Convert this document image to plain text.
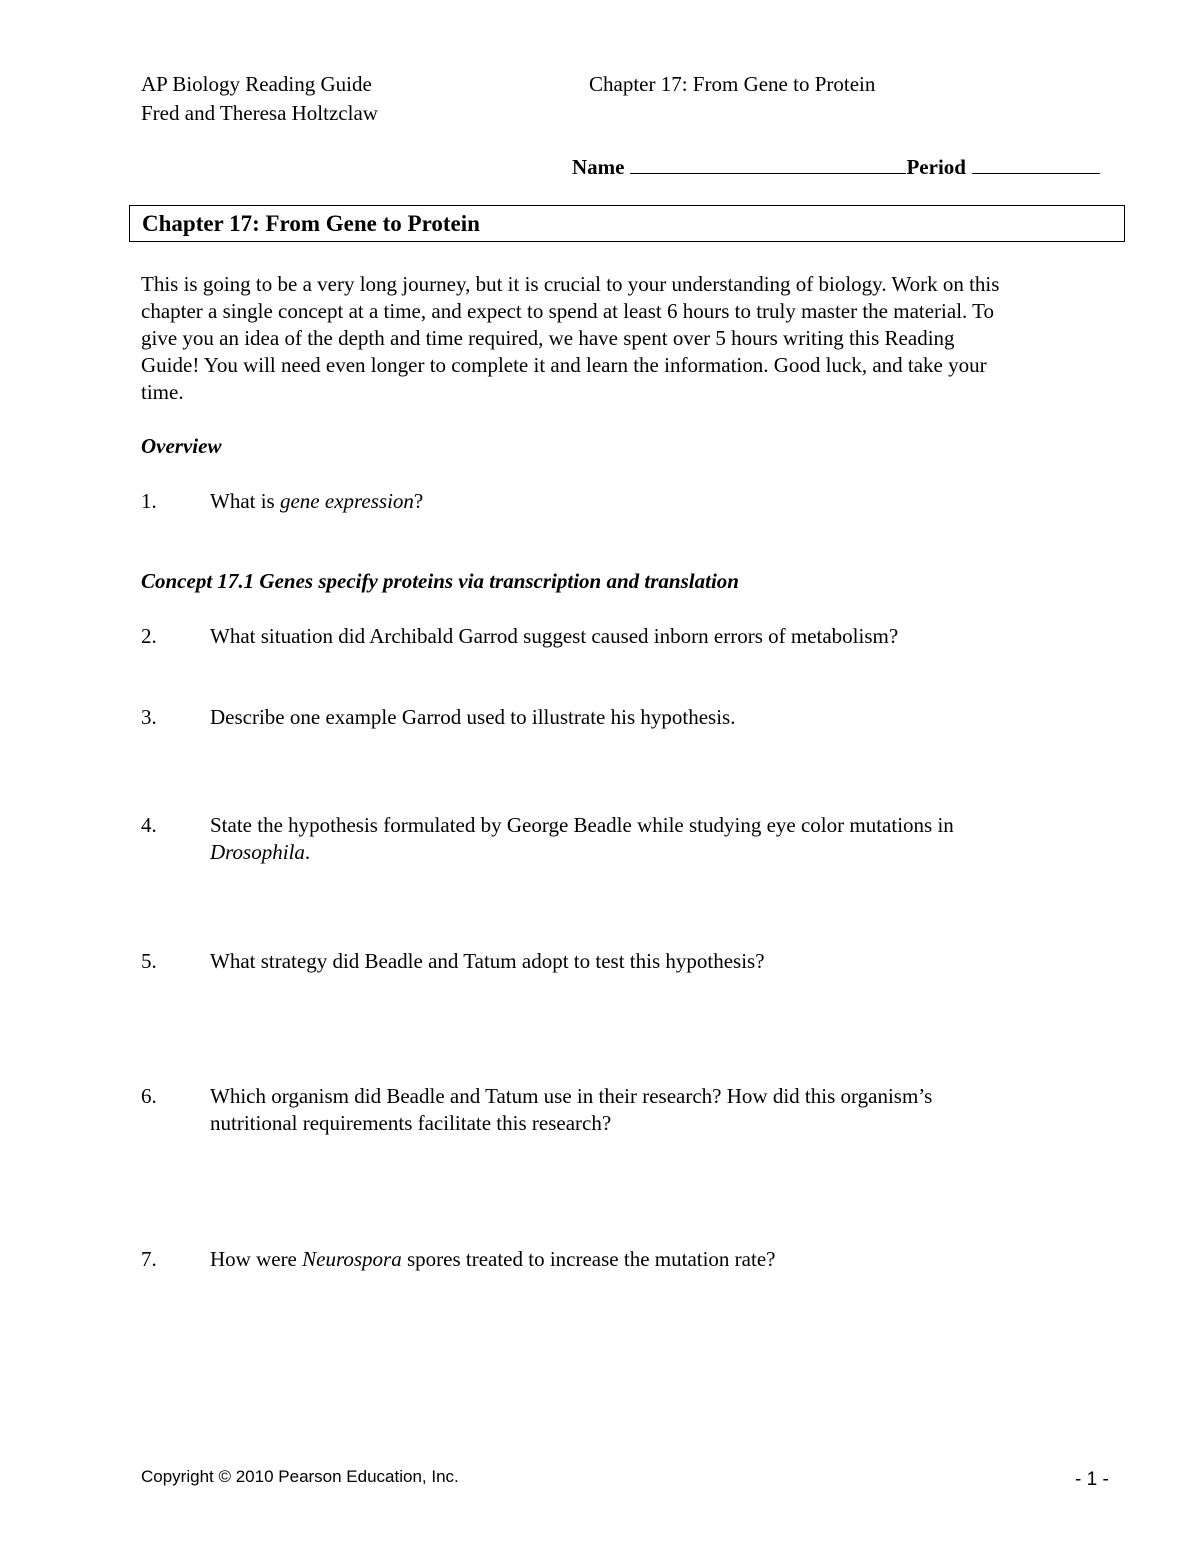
AP Biology Reading Guide
Fred and Theresa Holtzclaw
Chapter 17: From Gene to Protein
Name	Period
Chapter 17: From Gene to Protein

This is going to be a very long journey, but it is crucial to your understanding of biology. Work on this

chapter a single concept at a time, and expect to spend at least 6 hours to truly master the material. To

give you an idea of the depth and time required, we have spent over 5 hours writing this Reading

Guide! You will need even longer to complete it and learn the information. Good luck, and take your

time.

Overview
1.	What is gene expression?
Concept 17.1 Genes specify proteins via transcription and translation
2.	What situation did Archibald Garrod suggest caused inborn errors of metabolism?
3.	Describe one example Garrod used to illustrate his hypothesis.
4.	State the hypothesis formulated by George Beadle while studying eye color mutations in

Drosophila.

5.	What strategy did Beadle and Tatum adopt to test this hypothesis?
6.	Which organism did Beadle and Tatum use in their research? How did this organism’s

nutritional requirements facilitate this research?

7.	How were Neurospora spores treated to increase the mutation rate?
Copyright © 2010 Pearson Education, Inc.	- 1 -
